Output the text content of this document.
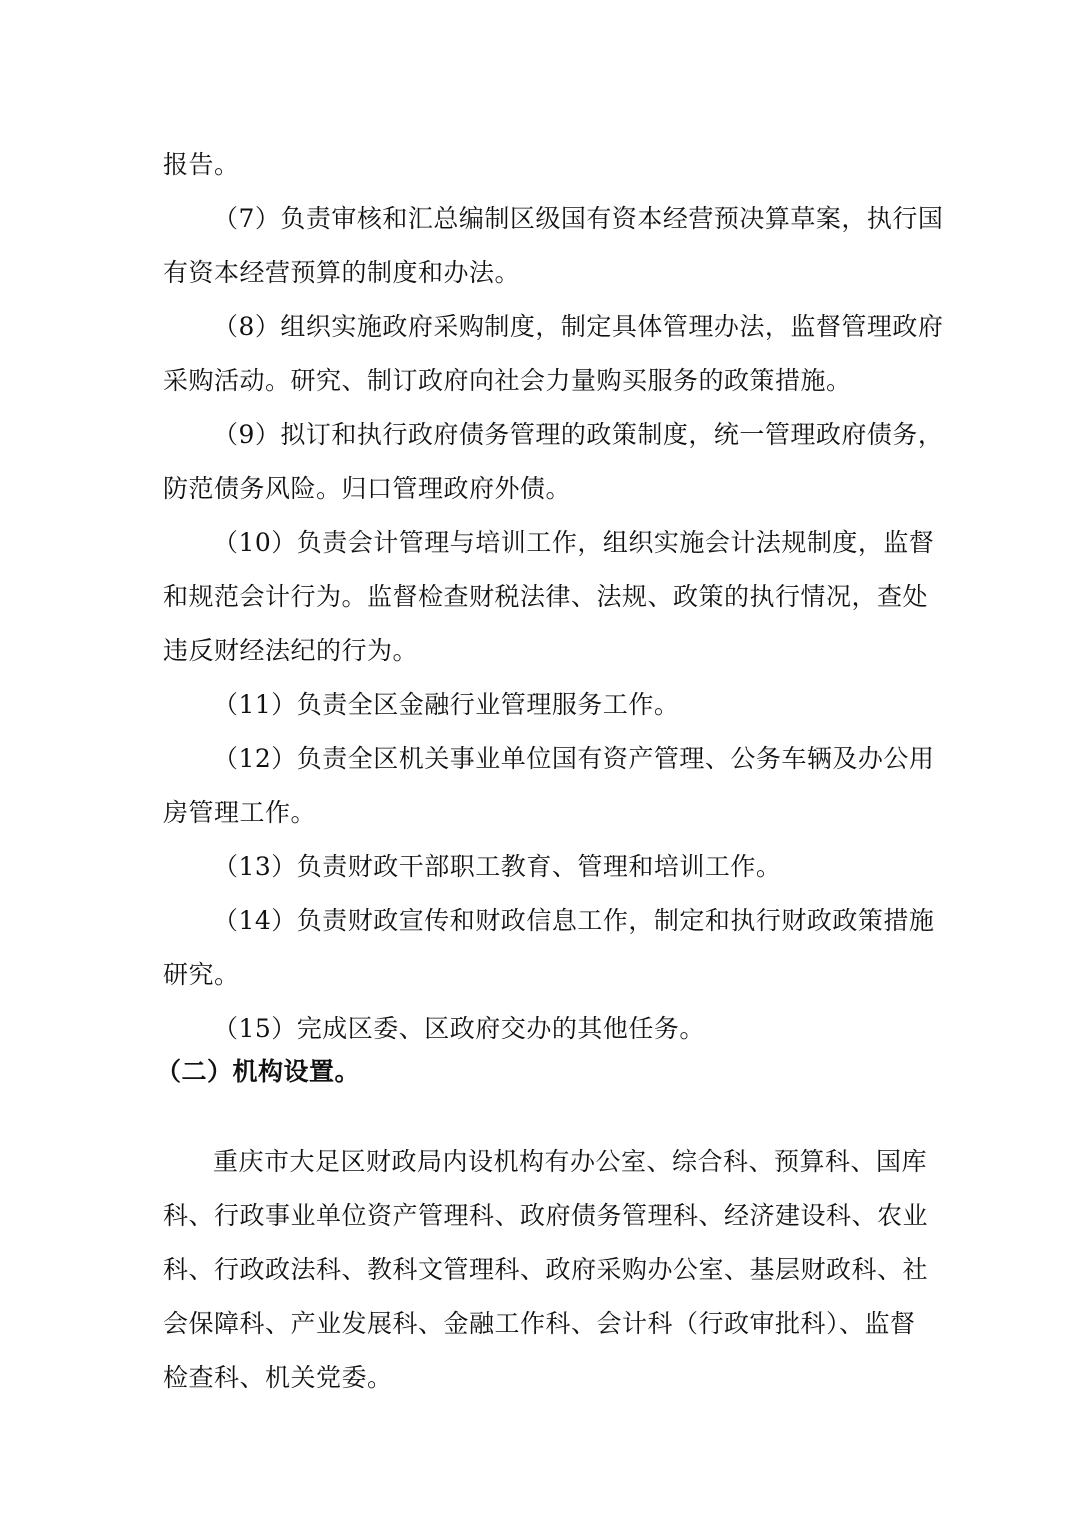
报告。
（7）负责审核和汇总编制区级国有资本经营预决算草案，执行国
有资本经营预算的制度和办法。
（8）组织实施政府采购制度，制定具体管理办法，监督管理政府
采购活动。研究、制订政府向社会力量购买服务的政策措施。
（9）拟订和执行政府债务管理的政策制度，统一管理政府债务，
防范债务风险。归口管理政府外债。
（10）负责会计管理与培训工作，组织实施会计法规制度，监督
和规范会计行为。监督检查财税法律、法规、政策的执行情况，查处
违反财经法纪的行为。
（11）负责全区金融行业管理服务工作。
（12）负责全区机关事业单位国有资产管理、公务车辆及办公用
房管理工作。
（13）负责财政干部职工教育、管理和培训工作。
（14）负责财政宣传和财政信息工作，制定和执行财政政策措施
研究。
（15）完成区委、区政府交办的其他任务。
（二）机构设置。
重庆市大足区财政局内设机构有办公室、综合科、预算科、国库
科、行政事业单位资产管理科、政府债务管理科、经济建设科、农业
科、行政政法科、教科文管理科、政府采购办公室、基层财政科、社
会保障科、产业发展科、金融工作科、会计科（行政审批科）、监督
检查科、机关党委。
